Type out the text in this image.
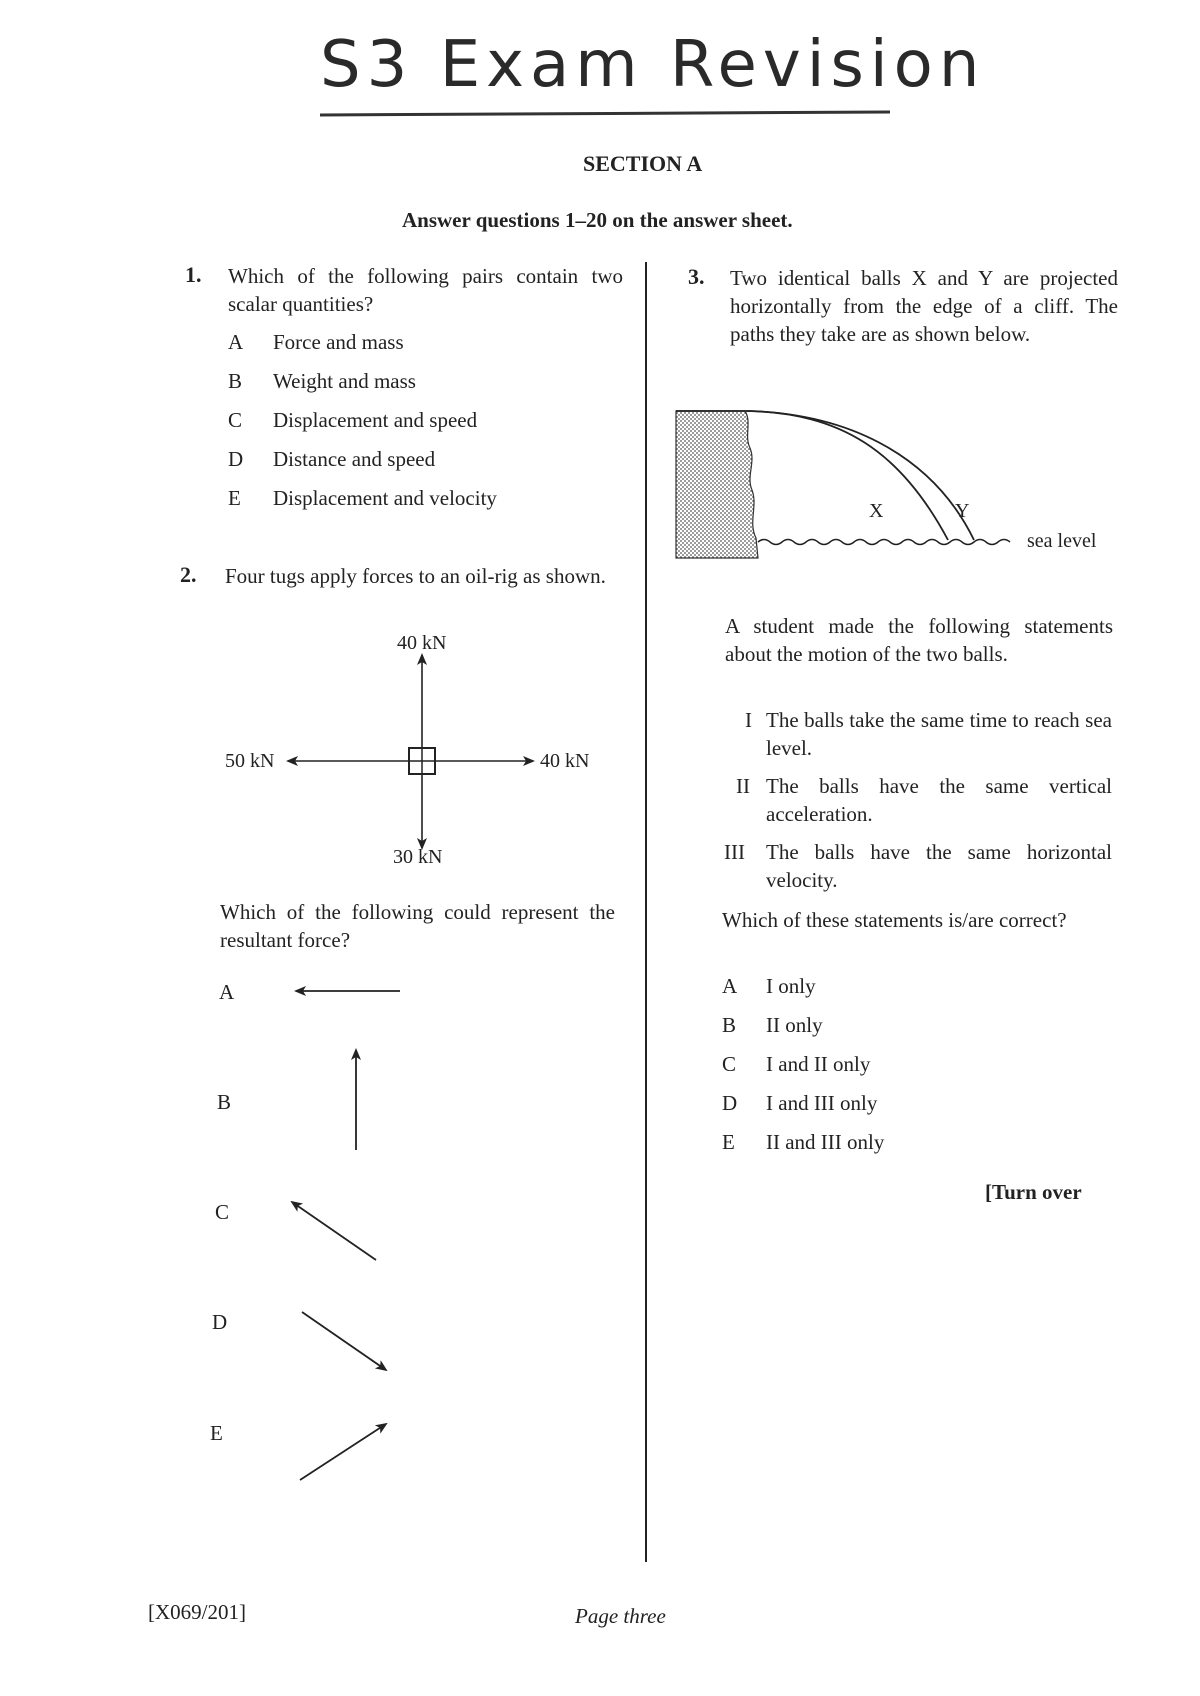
S3 Exam Revision
SECTION A
Answer questions 1–20 on the answer sheet.
1. Which of the following pairs contain two scalar quantities?
A Force and mass
B Weight and mass
C Displacement and speed
D Distance and speed
E Displacement and velocity
2. Four tugs apply forces to an oil-rig as shown.
40 kN
50 kN	40 kN
30 kN
Which of the following could represent the resultant force?
A
B
C
D
E
3. Two identical balls X and Y are projected horizontally from the edge of a cliff. The paths they take are as shown below.
X	Y
sea level
A student made the following statements about the motion of the two balls.
I The balls take the same time to reach sea level.
II The balls have the same vertical acceleration.
III The balls have the same horizontal velocity.
Which of these statements is/are correct?
A I only
B II only
C I and II only
D I and III only
E II and III only
[Turn over
[X069/201]	Page three
